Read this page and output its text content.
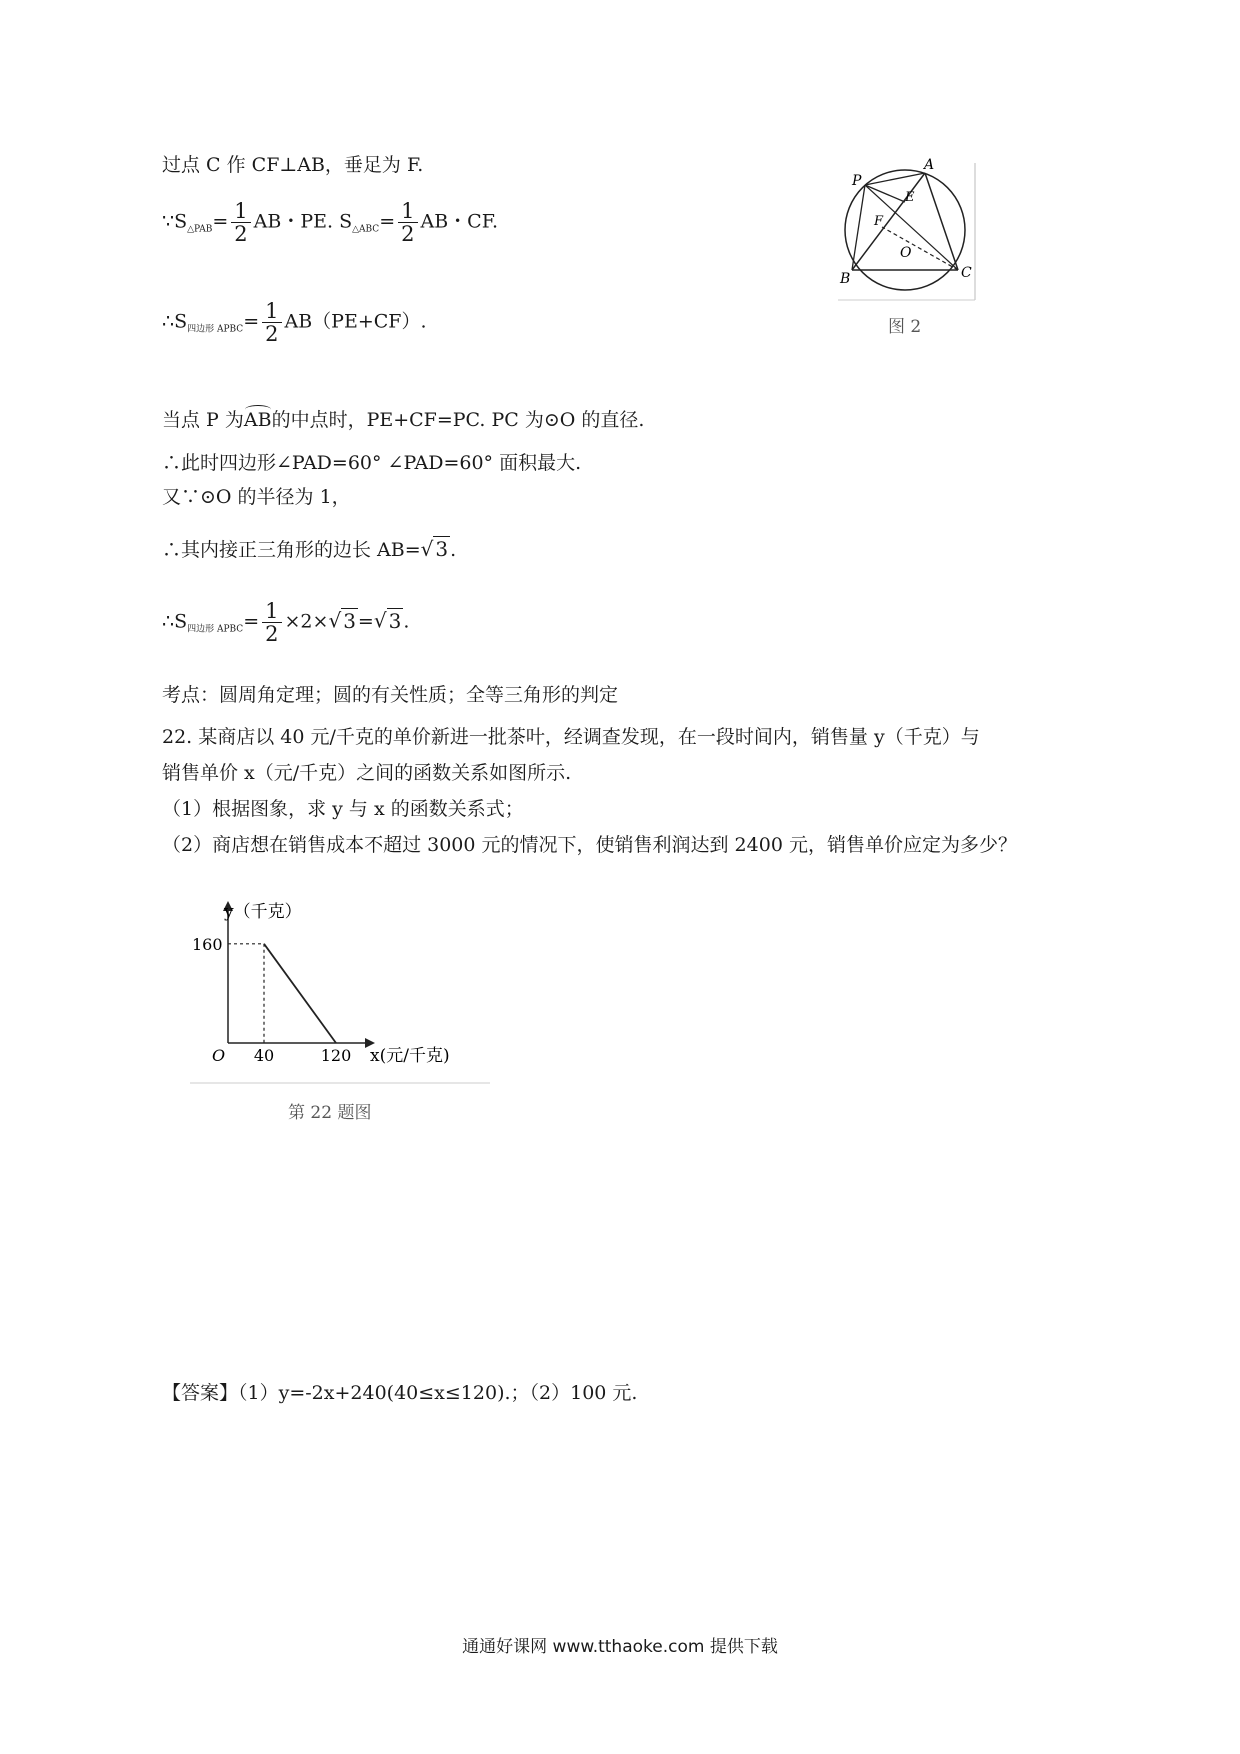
过点 C 作 CF⊥AB，垂足为 F.
$\because S_{\triangle PAB}= \frac{1}{2}$ AB・PE. $S_{\triangle ABC}= \frac{1}{2}$ AB・CF.
$\therefore S_{四边形 APBC}= \frac{1}{2} AB(PE+CF)$.
当点 P 为AB的中点时，PE+CF=PC. PC 为⊙O 的直径.
∴此时四边形∠PAD=60° ∠PAD=60° 面积最大.
又∵⊙O 的半径为 1，
∴其内接正三角形的边长 AB=√ 3 .
$\therefore S_{四边形 APBC}= \frac{1}{2} \times 2\times√$ 3 =√ 3 .
考点：圆周角定理；圆的有关性质；全等三角形的判定
22. 某商店以 40 元/千克的单价新进一批茶叶，经调查发现，在一段时间内，销售量 y（千克）与
销售单价 x（元/千克）之间的函数关系如图所示.
（1）根据图象，求 y 与 x 的函数关系式；
（2）商店想在销售成本不超过 3000 元的情况下，使销售利润达到 2400 元，销售单价应定为多少？
P
A
E
F
O
B	C
图 2
y（千克）
x(元/千克)
O
160
40	120
第 22 题图
【答案】（1）y=-2x+240(40≤x≤120).；（2）100 元.
通通好课网 www.tthaoke.com 提供下载
